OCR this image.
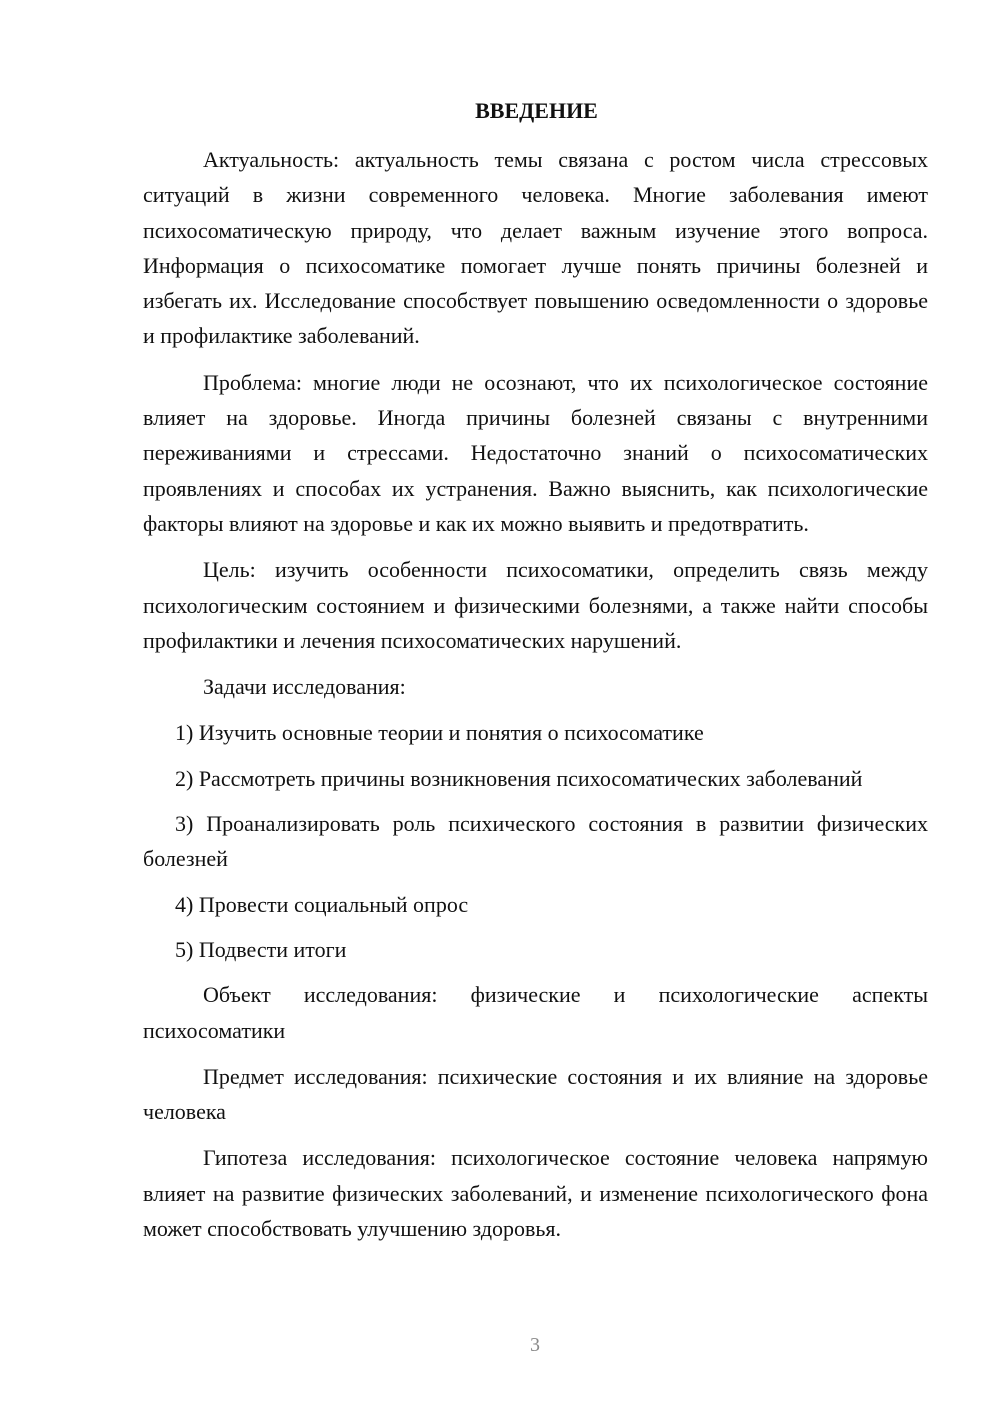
ВВЕДЕНИЕ

Актуальность: актуальность темы связана с ростом числа стрессовых ситуаций в жизни современного человека. Многие заболевания имеют психосоматическую природу, что делает важным изучение этого вопроса. Информация о психосоматике помогает лучше понять причины болезней и избегать их. Исследование способствует повышению осведомленности о здоровье и профилактике заболеваний.

Проблема: многие люди не осознают, что их психологическое состояние влияет на здоровье. Иногда причины болезней связаны с внутренними переживаниями и стрессами. Недостаточно знаний о психосоматических проявлениях и способах их устранения. Важно выяснить, как психологические факторы влияют на здоровье и как их можно выявить и предотвратить.

Цель: изучить особенности психосоматики, определить связь между психологическим состоянием и физическими болезнями, а также найти способы профилактики и лечения психосоматических нарушений.

Задачи исследования:

1) Изучить основные теории и понятия о психосоматике

2) Рассмотреть причины возникновения психосоматических заболеваний

3) Проанализировать роль психического состояния в развитии физических болезней

4) Провести социальный опрос

5) Подвести итоги

Объект исследования: физические и психологические аспекты психосоматики

Предмет исследования: психические состояния и их влияние на здоровье человека

Гипотеза исследования: психологическое состояние человека напрямую влияет на развитие физических заболеваний, и изменение психологического фона может способствовать улучшению здоровья.

3
